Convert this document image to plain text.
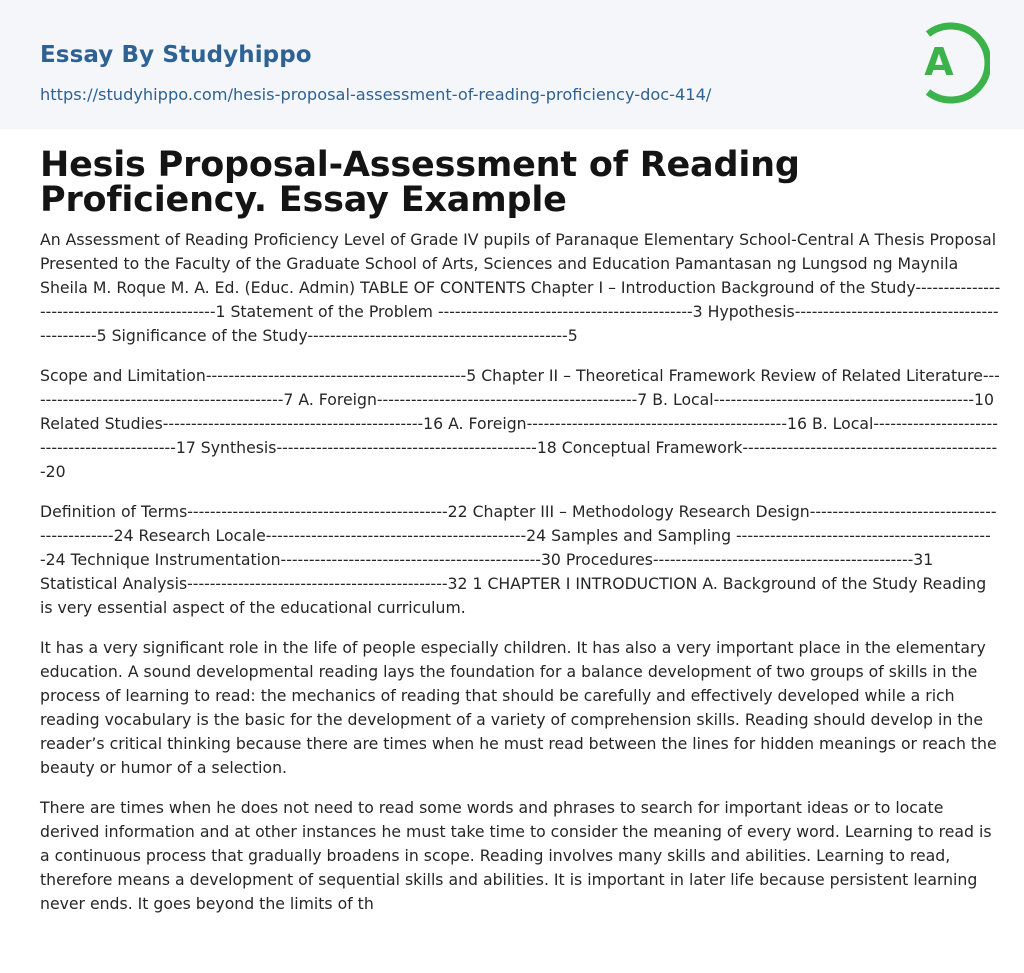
Essay By Studyhippo
https://studyhippo.com/hesis-proposal-assessment-of-reading-proficiency-doc-414/
A
Hesis Proposal-Assessment of Reading Proficiency. Essay Example

An Assessment of Reading Proficiency Level of Grade IV pupils of Paranaque Elementary School-Central A Thesis Proposal Presented to the Faculty of the Graduate School of Arts, Sciences and Education Pamantasan ng Lungsod ng Maynila Sheila M. Roque M. A. Ed. (Educ. Admin) TABLE OF CONTENTS Chapter I – Introduction Background of the Study----------------------------------------------1 Statement of the Problem ---------------------------------------------3 Hypothesis----------------------------------------------5 Significance of the Study----------------------------------------------5

Scope and Limitation----------------------------------------------5 Chapter II – Theoretical Framework Review of Related Literature----------------------------------------------7 A. Foreign----------------------------------------------7 B. Local----------------------------------------------10 Related Studies----------------------------------------------16 A. Foreign----------------------------------------------16 B. Local----------------------------------------------17 Synthesis----------------------------------------------18 Conceptual Framework----------------------------------------------20

Definition of Terms----------------------------------------------22 Chapter III – Methodology Research Design----------------------------------------------24 Research Locale----------------------------------------------24 Samples and Sampling ----------------------------------------------24 Technique Instrumentation----------------------------------------------30 Procedures----------------------------------------------31 Statistical Analysis----------------------------------------------32 1 CHAPTER I INTRODUCTION A. Background of the Study Reading is very essential aspect of the educational curriculum.

It has a very significant role in the life of people especially children. It has also a very important place in the elementary education. A sound developmental reading lays the foundation for a balance development of two groups of skills in the process of learning to read: the mechanics of reading that should be carefully and effectively developed while a rich reading vocabulary is the basic for the development of a variety of comprehension skills. Reading should develop in the reader’s critical thinking because there are times when he must read between the lines for hidden meanings or reach the beauty or humor of a selection.

There are times when he does not need to read some words and phrases to search for important ideas or to locate derived information and at other instances he must take time to consider the meaning of every word. Learning to read is a continuous process that gradually broadens in scope. Reading involves many skills and abilities. Learning to read, therefore means a development of sequential skills and abilities. It is important in later life because persistent learning never ends. It goes beyond the limits of th
